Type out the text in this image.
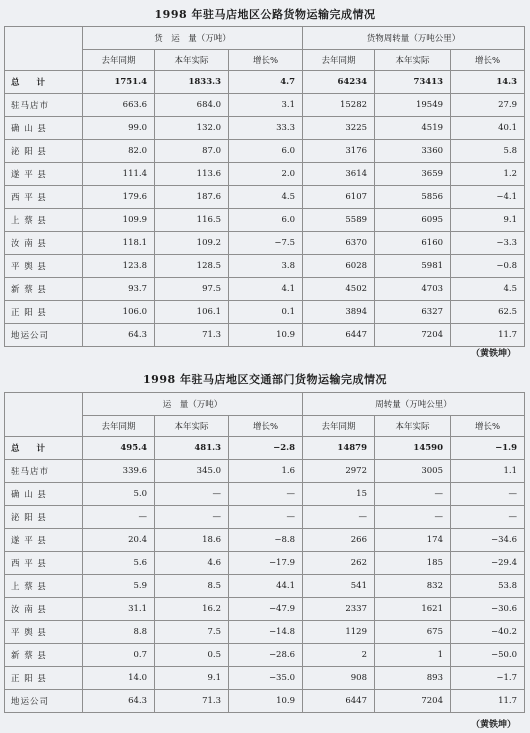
1998 年驻马店地区公路货物运输完成情况
	货　运　量（万吨）			货物周转量（万吨公里）		
	去年同期	本年实际	增长%	去年同期	本年实际	增长%
总　　计	1751.4	1833.3	4.7	64234	73413	14.3
驻马店市	663.6	684.0	3.1	15282	19549	27.9
确 山 县	99.0	132.0	33.3	3225	4519	40.1
泌 阳 县	82.0	87.0	6.0	3176	3360	5.8
遂 平 县	111.4	113.6	2.0	3614	3659	1.2
西 平 县	179.6	187.6	4.5	6107	5856	−4.1
上 蔡 县	109.9	116.5	6.0	5589	6095	9.1
汝 南 县	118.1	109.2	−7.5	6370	6160	−3.3
平 舆 县	123.8	128.5	3.8	6028	5981	−0.8
新 蔡 县	93.7	97.5	4.1	4502	4703	4.5
正 阳 县	106.0	106.1	0.1	3894	6327	62.5
地运公司	64.3	71.3	10.9	6447	7204	11.7
（黄铁坤）
1998 年驻马店地区交通部门货物运输完成情况
	运　量（万吨）			周转量（万吨公里）		
	去年同期	本年实际	增长%	去年同期	本年实际	增长%
总　　计	495.4	481.3	−2.8	14879	14590	−1.9
驻马店市	339.6	345.0	1.6	2972	3005	1.1
确 山 县	5.0	—	—	15	—	—
泌 阳 县	—	—	—	—	—	—
遂 平 县	20.4	18.6	−8.8	266	174	−34.6
西 平 县	5.6	4.6	−17.9	262	185	−29.4
上 蔡 县	5.9	8.5	44.1	541	832	53.8
汝 南 县	31.1	16.2	−47.9	2337	1621	−30.6
平 舆 县	8.8	7.5	−14.8	1129	675	−40.2
新 蔡 县	0.7	0.5	−28.6	2	1	−50.0
正 阳 县	14.0	9.1	−35.0	908	893	−1.7
地运公司	64.3	71.3	10.9	6447	7204	11.7
（黄铁坤）
